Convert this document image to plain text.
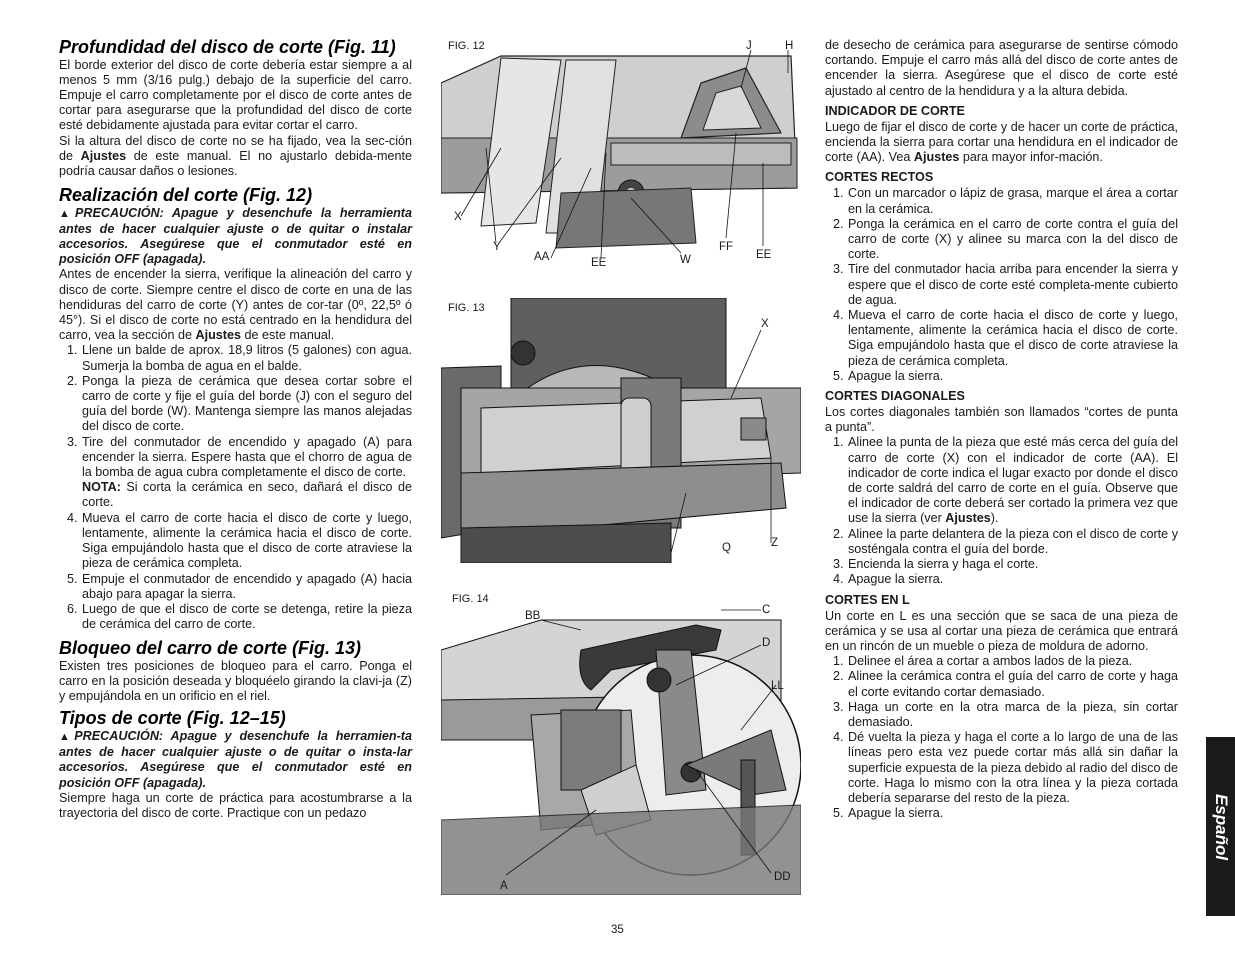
Profundidad del disco de corte (Fig. 11)

El borde exterior del disco de corte debería estar siempre a al menos 5 mm (3/16 pulg.) debajo de la superficie del carro. Empuje el carro completamente por el disco de corte antes de cortar para asegurarse que la profundidad del disco de corte esté debidamente ajustada para evitar cortar el carro.

Si la altura del disco de corte no se ha fijado, vea la sec-ción de Ajustes de este manual. El no ajustarlo debida-mente podría causar daños o lesiones.

Realización del corte (Fig. 12)

▲PRECAUCIÓN: Apague y desenchufe la herramienta antes de hacer cualquier ajuste o de quitar o instalar accesorios. Asegúrese que el conmutador esté en posición OFF (apagada).

Antes de encender la sierra, verifique la alineación del carro y disco de corte. Siempre centre el disco de corte en una de las hendiduras del carro de corte (Y) antes de cor-tar (0º, 22,5º ó 45°). Si el disco de corte no está centrado en la hendidura del carro, vea la sección de Ajustes de este manual.

1. Llene un balde de aprox. 18,9 litros (5 galones) con agua. Sumerja la bomba de agua en el balde.
2. Ponga la pieza de cerámica que desea cortar sobre el carro de corte y fije el guía del borde (J) con el seguro del guía del borde (W). Mantenga siempre las manos alejadas del disco de corte.
3. Tire del conmutador de encendido y apagado (A) para encender la sierra. Espere hasta que el chorro de agua de la bomba de agua cubra completamente el disco de corte.
NOTA: Si corta la cerámica en seco, dañará el disco de corte.
4. Mueva el carro de corte hacia el disco de corte y luego, lentamente, alimente la cerámica hacia el disco de corte. Siga empujándolo hasta que el disco de corte atraviese la pieza de cerámica completa.
5. Empuje el conmutador de encendido y apagado (A) hacia abajo para apagar la sierra.
6. Luego de que el disco de corte se detenga, retire la pieza de cerámica del carro de corte.
Bloqueo del carro de corte (Fig. 13)

Existen tres posiciones de bloqueo para el carro. Ponga el carro en la posición deseada y bloquéelo girando la clavi-ja (Z) y empujándola en un orificio en el riel.

Tipos de corte (Fig. 12–15)

▲PRECAUCIÓN: Apague y desenchufe la herramien-ta antes de hacer cualquier ajuste o de quitar o insta-lar accesorios. Asegúrese que el conmutador esté en posición OFF (apagada).

Siempre haga un corte de práctica para acostumbrarse a la trayectoria del disco de corte. Practique con un pedazo

FIG. 12	J	H
X
Y
AA	EE	W
FF
EE
FIG. 13
X
Q	Z
FIG. 14
BB	C
D
LL
A
DD

de desecho de cerámica para asegurarse de sentirse cómodo cortando. Empuje el carro más allá del disco de corte antes de encender la sierra. Asegúrese que el disco de corte esté ajustado al centro de la hendidura y a la altura debida.

INDICADOR DE CORTE

Luego de fijar el disco de corte y de hacer un corte de práctica, encienda la sierra para cortar una hendidura en el indicador de corte (AA). Vea Ajustes para mayor infor-mación.

CORTES RECTOS
1. Con un marcador o lápiz de grasa, marque el área a cortar en la cerámica.
2. Ponga la cerámica en el carro de corte contra el guía del carro de corte (X) y alinee su marca con la del disco de corte.
3. Tire del conmutador hacia arriba para encender la sierra y espere que el disco de corte esté completa-mente cubierto de agua.
4. Mueva el carro de corte hacia el disco de corte y luego, lentamente, alimente la cerámica hacia el disco de corte. Siga empujándolo hasta que el disco de corte atraviese la pieza de cerámica completa.
5. Apague la sierra.
CORTES DIAGONALES

Los cortes diagonales también son llamados “cortes de punta a punta”.

1. Alinee la punta de la pieza que esté más cerca del guía del carro de corte (X) con el indicador de corte (AA). El indicador de corte indica el lugar exacto por donde el disco de corte saldrá del carro de corte en el guía. Observe que el indicador de corte deberá ser cortado la primera vez que use la sierra (ver Ajustes).
2. Alinee la parte delantera de la pieza con el disco de corte y sosténgala contra el guía del borde.
3. Encienda la sierra y haga el corte.
4. Apague la sierra.
CORTES EN L

Un corte en L es una sección que se saca de una pieza de cerámica y se usa al cortar una pieza de cerámica que entrará en un rincón de un mueble o pieza de moldura de adorno.

1. Delinee el área a cortar a ambos lados de la pieza.
2. Alinee la cerámica contra el guía del carro de corte y haga el corte evitando cortar demasiado.
3. Haga un corte en la otra marca de la pieza, sin cortar demasiado.
4. Dé vuelta la pieza y haga el corte a lo largo de una de las líneas pero esta vez puede cortar más allá sin dañar la superficie expuesta de la pieza debido al radio del disco de corte. Haga lo mismo con la otra línea y la pieza cortada debería separarse del resto de la pieza.
5. Apague la sierra.	Español
35
